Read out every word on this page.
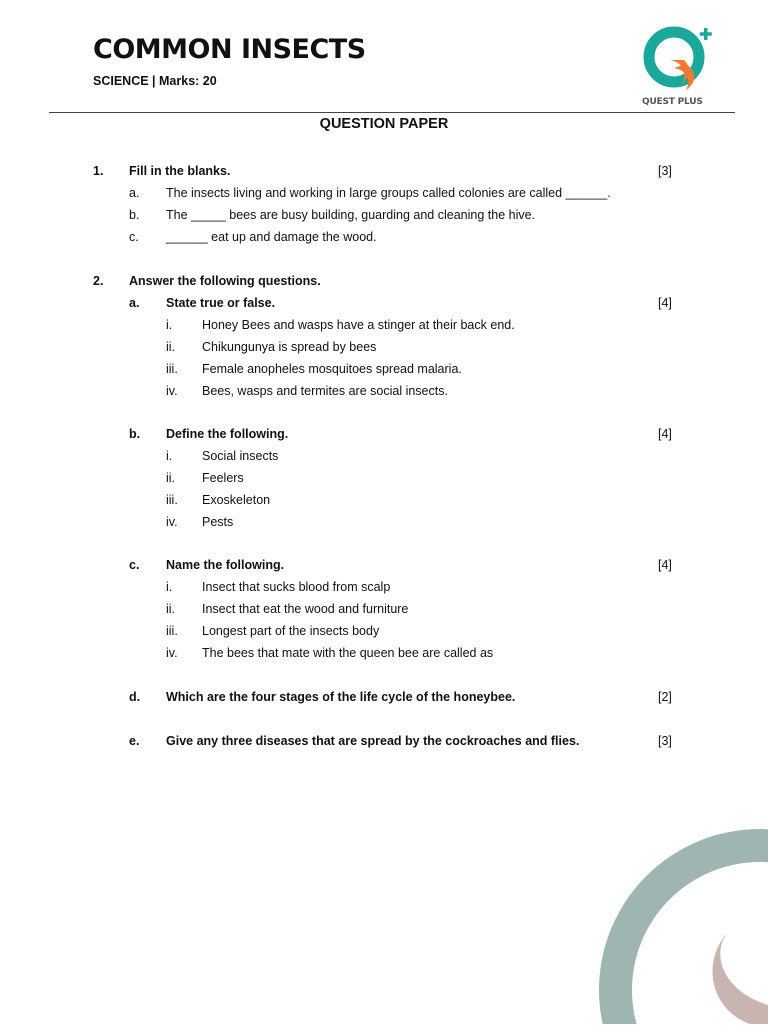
COMMON INSECTS
SCIENCE | Marks: 20
QUEST PLUS
QUESTION PAPER
1. Fill in the blanks.	[3]
a. The insects living and working in large groups called colonies are called ______.
b. The _____ bees are busy building, guarding and cleaning the hive.
c. ______ eat up and damage the wood.
2. Answer the following questions.
a. State true or false.	[4]
i. Honey Bees and wasps have a stinger at their back end.
ii. Chikungunya is spread by bees
iii. Female anopheles mosquitoes spread malaria.
iv. Bees, wasps and termites are social insects.
b. Define the following.	[4]
i. Social insects
ii. Feelers
iii. Exoskeleton
iv. Pests
c. Name the following.	[4]
i. Insect that sucks blood from scalp
ii. Insect that eat the wood and furniture
iii. Longest part of the insects body
iv. The bees that mate with the queen bee are called as
d. Which are the four stages of the life cycle of the honeybee.	[2]
e. Give any three diseases that are spread by the cockroaches and flies.	[3]
